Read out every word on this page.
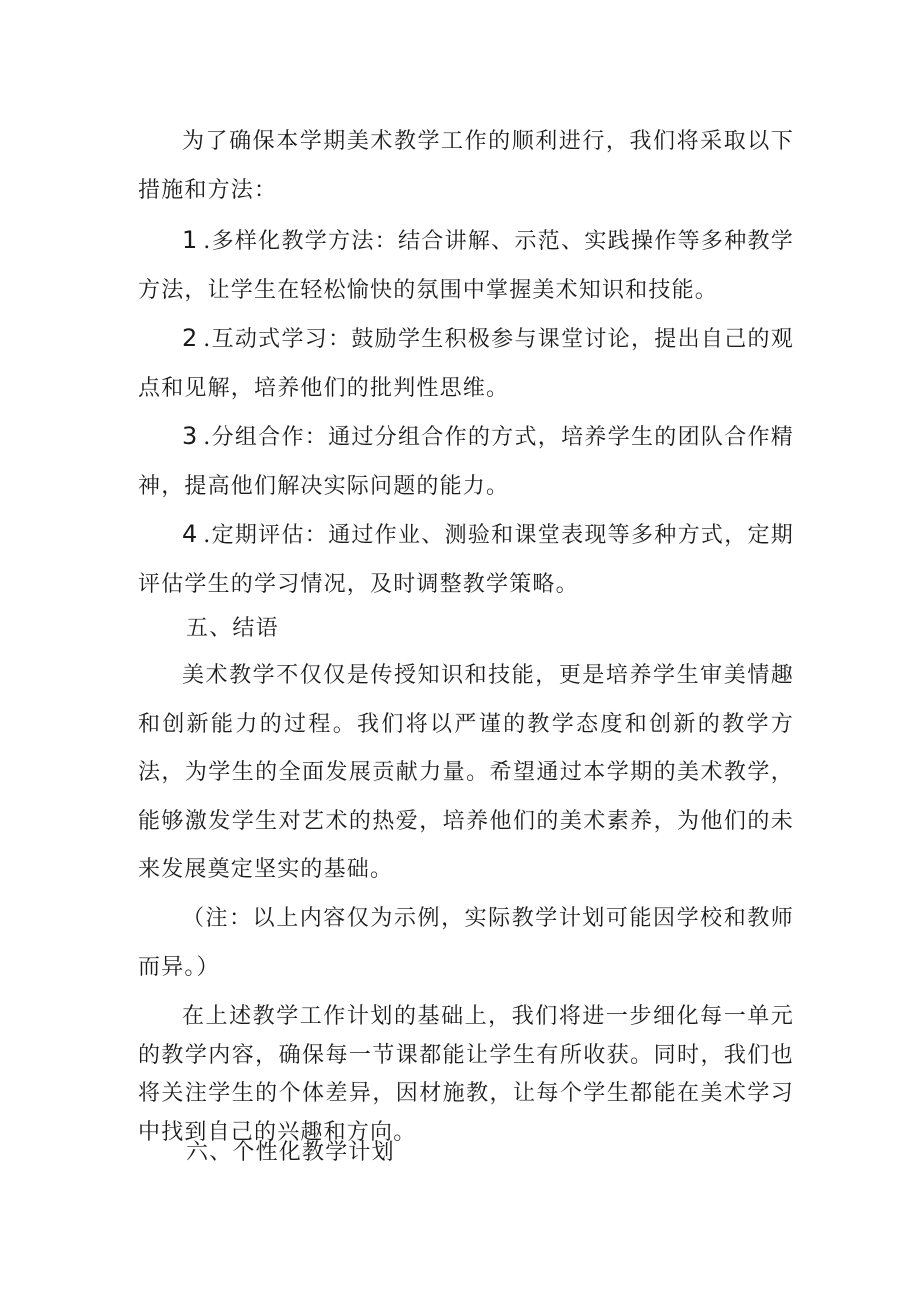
为了确保本学期美术教学工作的顺利进行，我们将采取以下措施和方法：

1 .多样化教学方法：结合讲解、示范、实践操作等多种教学方法，让学生在轻松愉快的氛围中掌握美术知识和技能。

2 .互动式学习：鼓励学生积极参与课堂讨论，提出自己的观点和见解，培养他们的批判性思维。

3 .分组合作：通过分组合作的方式，培养学生的团队合作精神，提高他们解决实际问题的能力。

4 .定期评估：通过作业、测验和课堂表现等多种方式，定期评估学生的学习情况，及时调整教学策略。

五、结语

美术教学不仅仅是传授知识和技能，更是培养学生审美情趣和创新能力的过程。我们将以严谨的教学态度和创新的教学方法，为学生的全面发展贡献力量。希望通过本学期的美术教学，能够激发学生对艺术的热爱，培养他们的美术素养，为他们的未来发展奠定坚实的基础。

（注：以上内容仅为示例，实际教学计划可能因学校和教师而异。）

在上述教学工作计划的基础上，我们将进一步细化每一单元的教学内容，确保每一节课都能让学生有所收获。同时，我们也将关注学生的个体差异，因材施教，让每个学生都能在美术学习中找到自己的兴趣和方向。

六、个性化教学计划
